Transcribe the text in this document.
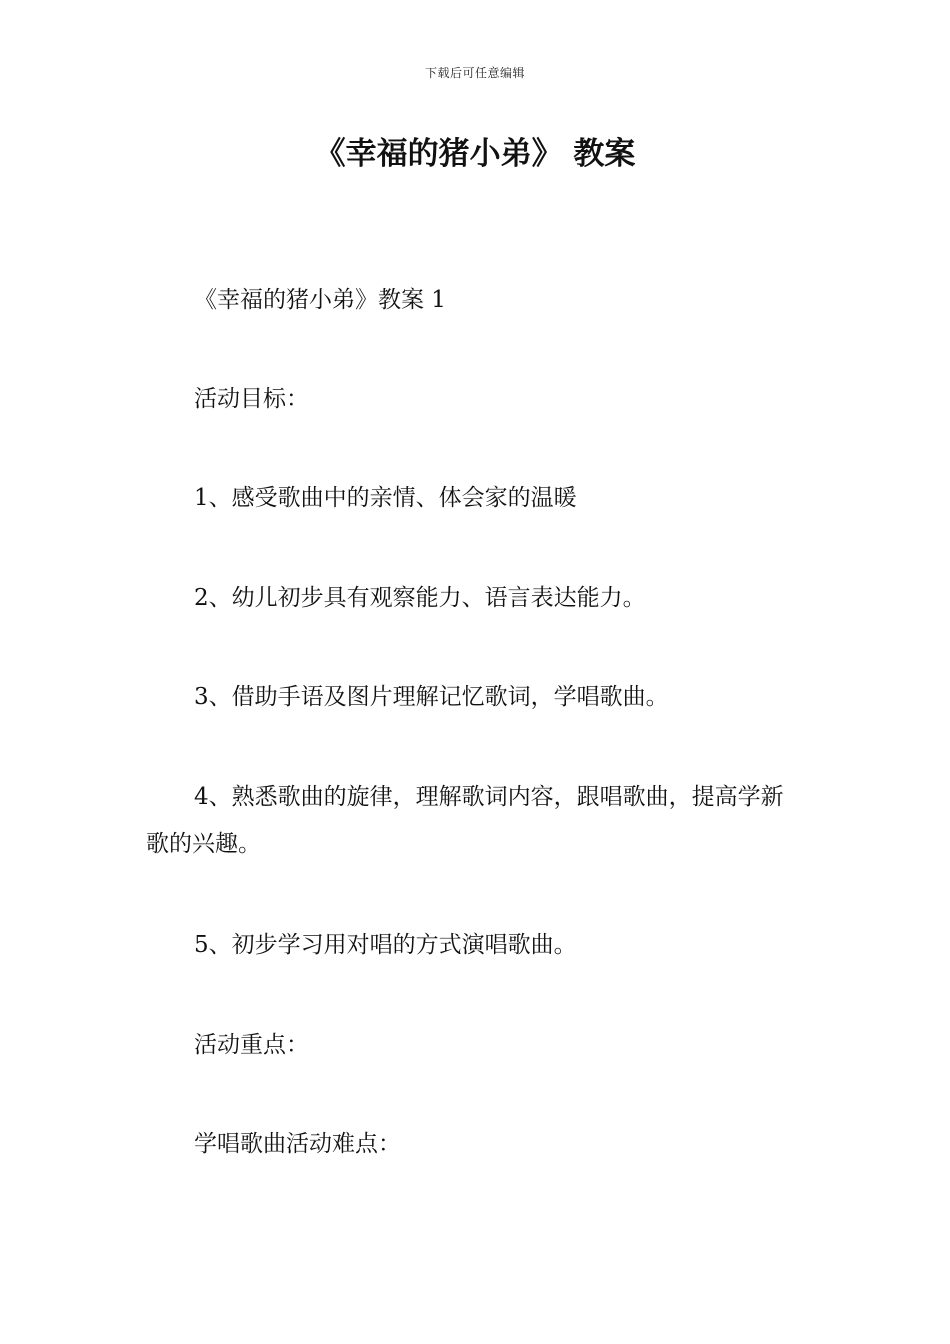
下载后可任意编辑
《幸福的猪小弟》 教案

《幸福的猪小弟》教案 1

活动目标：

1、感受歌曲中的亲情、体会家的温暖

2、幼儿初步具有观察能力、语言表达能力。

3、借助手语及图片理解记忆歌词，学唱歌曲。

4、熟悉歌曲的旋律，理解歌词内容，跟唱歌曲，提高学新歌的兴趣。

5、初步学习用对唱的方式演唱歌曲。

活动重点：

学唱歌曲活动难点：
